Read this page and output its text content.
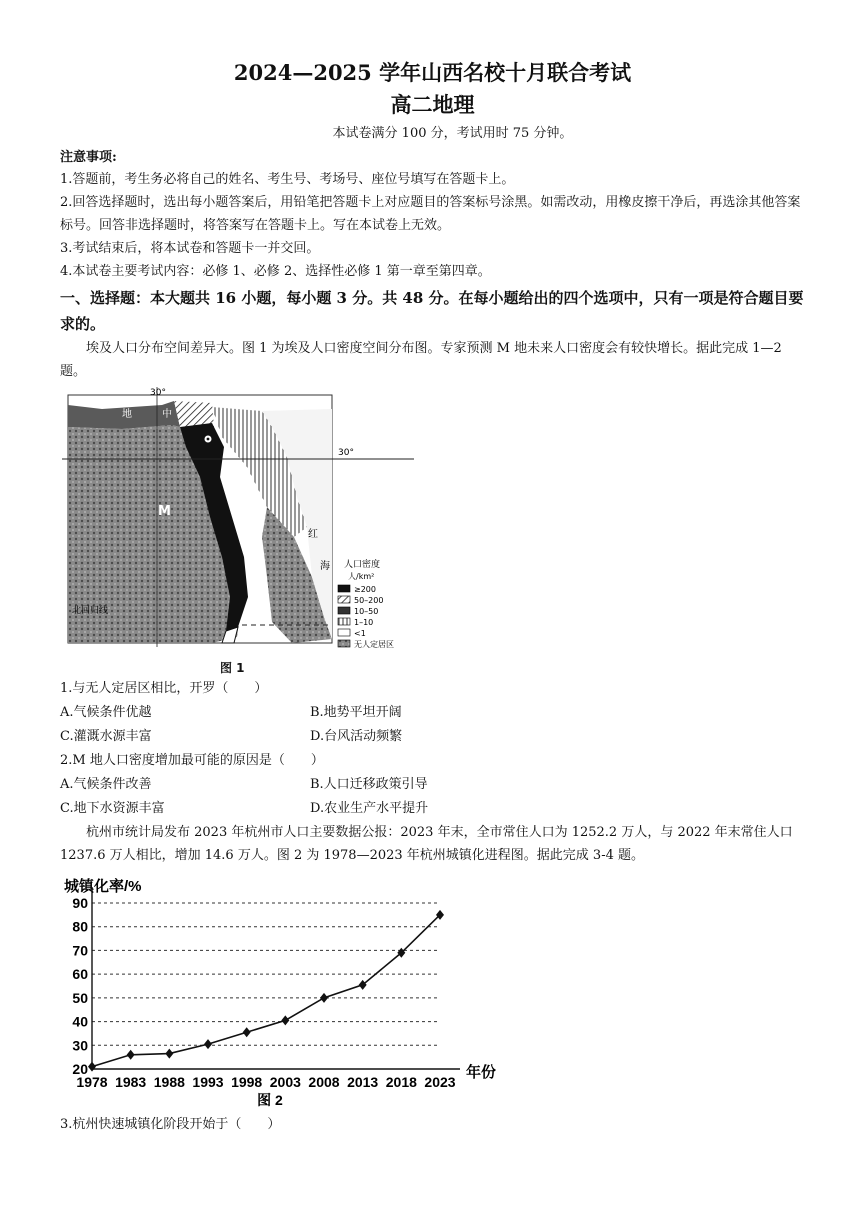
2024—2025 学年山西名校十月联合考试
高二地理
本试卷满分 100 分，考试用时 75 分钟。
注意事项:
1.答题前，考生务必将自己的姓名、考生号、考场号、座位号填写在答题卡上。
2.回答选择题时，选出每小题答案后，用铅笔把答题卡上对应题目的答案标号涂黑。如需改动，用橡皮擦干净后，再选涂其他答案标号。回答非选择题时，将答案写在答题卡上。写在本试卷上无效。
3.考试结束后，将本试卷和答题卡一并交回。
4.本试卷主要考试内容：必修 1、必修 2、选择性必修 1 第一章至第四章。
一、选择题：本大题共 16 小题，每小题 3 分。共 48 分。在每小题给出的四个选项中，只有一项是符合题目要求的。
埃及人口分布空间差异大。图 1 为埃及人口密度空间分布图。专家预测 M 地未来人口密度会有较快增长。据此完成 1—2 题。
人口密度
人/km²
≥200
50–200
10–50
1–10
<1
无人定居区
30°
30°
M
地	中
红
海
北回归线
图 1
1.与无人定居区相比，开罗（　　）
A.气候条件优越	B.地势平坦开阔
C.灌溉水源丰富	D.台风活动频繁
2.M 地人口密度增加最可能的原因是（　　）
A.气候条件改善	B.人口迁移政策引导
C.地下水资源丰富	D.农业生产水平提升
杭州市统计局发布 2023 年杭州市人口主要数据公报：2023 年末，全市常住人口为 1252.2 万人，与 2022 年末常住人口 1237.6 万人相比，增加 14.6 万人。图 2 为 1978—2023 年杭州城镇化进程图。据此完成 3-4 题。
城镇化率/%
20
30
40
50
60
70
80
90
1978 1983 1988 1993 1998 2003 2008 2013 2018 2023
年份
图 2
3.杭州快速城镇化阶段开始于（　　）
